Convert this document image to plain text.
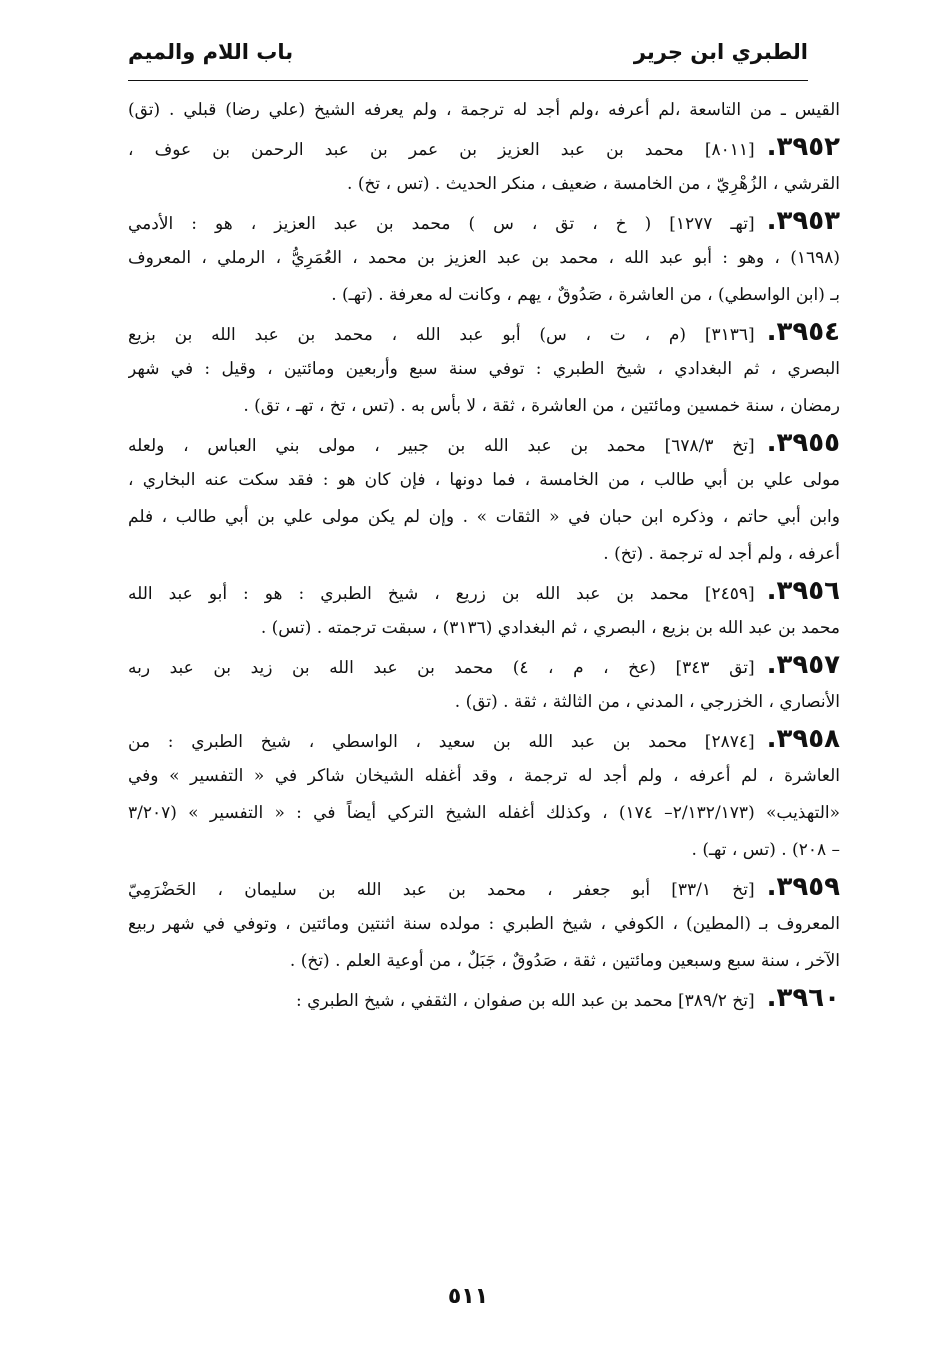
الطبري ابن جرير
باب اللام والميم
القيس ـ من التاسعة ،لم أعرفه ،ولم أجد له ترجمة ، ولم يعرفه الشيخ (علي رضا) قبلي . (تق)
٣٩٥٢.[٨٠١١] محمد بن عبد العزيز بن عمر بن عبد الرحمن بن عوف ،
القرشي ، الزُهْرِيّ ، من الخامسة ، ضعيف ، منكر الحديث . (تس ، تخ) .
٣٩٥٣.[تهـ ١٢٧٧] ( خ ، تق ، س ) محمد بن عبد العزيز ، هو : الأدمي
(١٦٩٨) ، وهو : أبو عبد الله ، محمد بن عبد العزيز بن محمد ، العُمَرِيُّ ، الرملي ، المعروف
بـ (ابن الواسطي) ، من العاشرة ، صَدُوقٌ ، يهم ، وكانت له معرفة . (تهـ) .
٣٩٥٤.[٣١٣٦] (م ، ت ، س) أبو عبد الله ، محمد بن عبد الله بن بزيع
البصري ، ثم البغدادي ، شيخ الطبري : توفي سنة سبع وأربعين ومائتين ، وقيل : في شهر
رمضان ، سنة خمسين ومائتين ، من العاشرة ، ثقة ، لا بأس به . (تس ، تخ ، تهـ ، تق) .
٣٩٥٥.[تخ ٦٧٨/٣] محمد بن عبد الله بن جبير ، مولى بني العباس ، ولعله
مولى علي بن أبي طالب ، من الخامسة ، فما دونها ، فإن كان هو : فقد سكت عنه البخاري ،
وابن أبي حاتم ، وذكره ابن حبان في « الثقات » . وإن لم يكن مولى علي بن أبي طالب ، فلم
أعرفه ، ولم أجد له ترجمة . (تخ) .
٣٩٥٦.[٢٤٥٩] محمد بن عبد الله بن زريع ، شيخ الطبري : هو : أبو عبد الله
محمد بن عبد الله بن بزيع ، البصري ، ثم البغدادي (٣١٣٦) ، سبقت ترجمته . (تس) .
٣٩٥٧.[تق ٣٤٣] (عخ ، م ، ٤) محمد بن عبد الله بن زيد بن عبد ربه
الأنصاري ، الخزرجي ، المدني ، من الثالثة ، ثقة . (تق) .
٣٩٥٨.[٢٨٧٤] محمد بن عبد الله بن سعيد ، الواسطي ، شيخ الطبري : من
العاشرة ، لم أعرفه ، ولم أجد له ترجمة ، وقد أغفله الشيخان شاكر في « التفسير » وفي
«التهذيب» (٢/١٣٢/١٧٣– ١٧٤) ، وكذلك أغفله الشيخ التركي أيضاً في : « التفسير » (٣/٢٠٧
– ٢٠٨) . (تس ، تهـ) .
٣٩٥٩.[تخ ٣٣/١] أبو جعفر ، محمد بن عبد الله بن سليمان ، الحَضْرَمِيّ
المعروف بـ (المطين) ، الكوفي ، شيخ الطبري : مولده سنة اثنتين ومائتين ، وتوفي في شهر ربيع
الآخر ، سنة سبع وسبعين ومائتين ، ثقة ، صَدُوقٌ ، جَبَلٌ ، من أوعية العلم . (تخ) .
٣٩٦٠.[تخ ٣٨٩/٢] محمد بن عبد الله بن صفوان ، الثقفي ، شيخ الطبري :
٥١١
